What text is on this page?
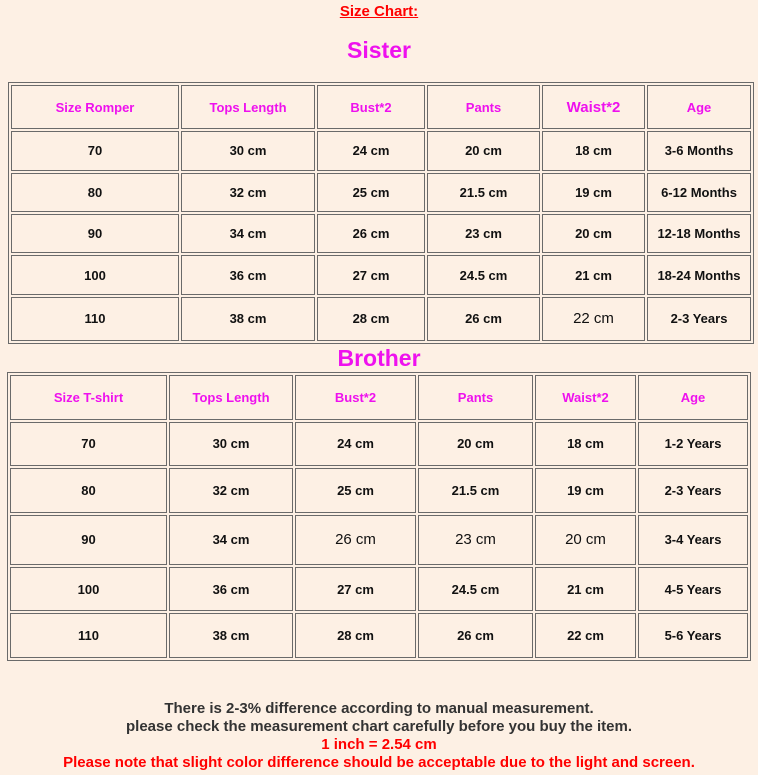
Size Chart:
Sister
Size Romper	Tops Length	Bust*2	Pants	Waist*2	Age
70	30 cm	24 cm	20 cm	18 cm	3-6 Months
80	32 cm	25 cm	21.5 cm	19 cm	6-12 Months
90	34 cm	26 cm	23 cm	20 cm	12-18 Months
100	36 cm	27 cm	24.5 cm	21 cm	18-24 Months
110	38 cm	28 cm	26 cm	22 cm	2-3 Years
Brother
Size T-shirt	Tops Length	Bust*2	Pants	Waist*2	Age
70	30 cm	24 cm	20 cm	18 cm	1-2 Years
80	32 cm	25 cm	21.5 cm	19 cm	2-3 Years
90	34 cm	26 cm	23 cm	20 cm	3-4 Years
100	36 cm	27 cm	24.5 cm	21 cm	4-5 Years
110	38 cm	28 cm	26 cm	22 cm	5-6 Years
There is 2-3% difference according to manual measurement.
please check the measurement chart carefully before you buy the item.
1 inch = 2.54 cm
Please note that slight color difference should be acceptable due to the light and screen.
